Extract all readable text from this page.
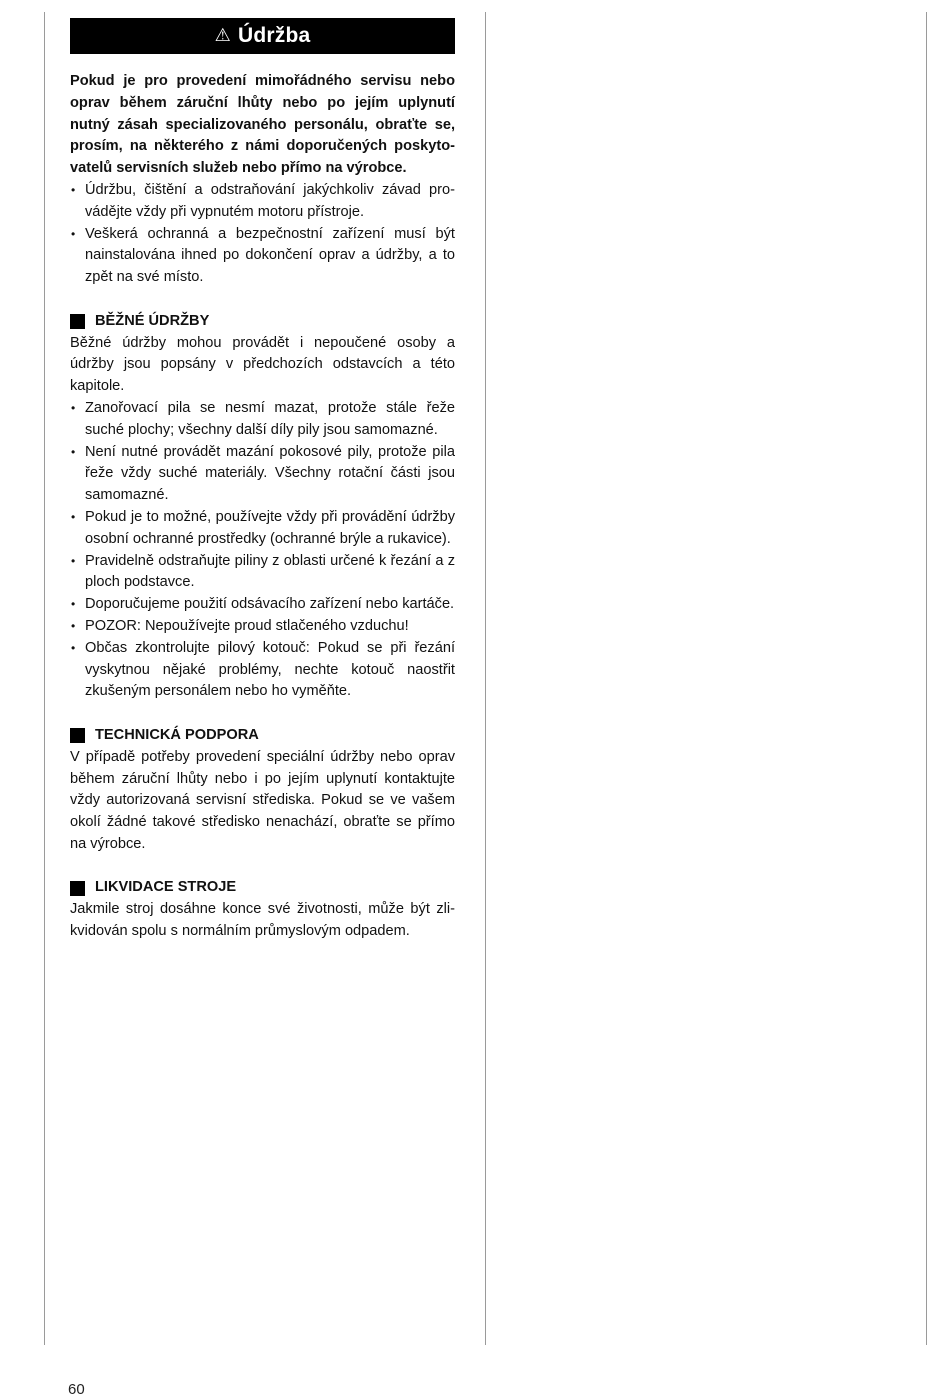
⚠ Údržba

Pokud je pro provedení mimořádného servisu nebo oprav během záruční lhůty nebo po jejím uplynutí nutný zásah specializovaného personálu, obraťte se, prosím, na některého z námi doporučených poskytovatelů servisních služeb nebo přímo na výrobce.

• Údržbu, čištění a odstraňování jakýchkoliv závad provádějte vždy při vypnutém motoru přístroje.
• Veškerá ochranná a bezpečnostní zařízení musí být nainstalována ihned po dokončení oprav a údržby, a to zpět na své místo.
BĚŽNÉ ÚDRŽBY

Běžné údržby mohou provádět i nepoučené osoby a údržby jsou popsány v předchozích odstavcích a této kapitole.

• Zanořovací pila se nesmí mazat, protože stále řeže suché plochy; všechny další díly pily jsou samomazné.
• Není nutné provádět mazání pokosové pily, protože pila řeže vždy suché materiály. Všechny rotační části jsou samomazné.
• Pokud je to možné, používejte vždy při provádění údržby osobní ochranné prostředky (ochranné brýle a rukavice).
• Pravidelně odstraňujte piliny z oblasti určené k řezání a z ploch podstavce.
• Doporučujeme použití odsávacího zařízení nebo kartáče.
• POZOR: Nepoužívejte proud stlačeného vzduchu!
• Občas zkontrolujte pilový kotouč: Pokud se při řezání vyskytnou nějaké problémy, nechte kotouč naostřit zkušeným personálem nebo ho vyměňte.
TECHNICKÁ PODPORA

V případě potřeby provedení speciální údržby nebo oprav během záruční lhůty nebo i po jejím uplynutí kontaktujte vždy autorizovaná servisní střediska. Pokud se ve vašem okolí žádné takové středisko nenachází, obraťte se přímo na výrobce.

LIKVIDACE STROJE

Jakmile stroj dosáhne konce své životnosti, může být zlikvidován spolu s normálním průmyslovým odpadem.

60
